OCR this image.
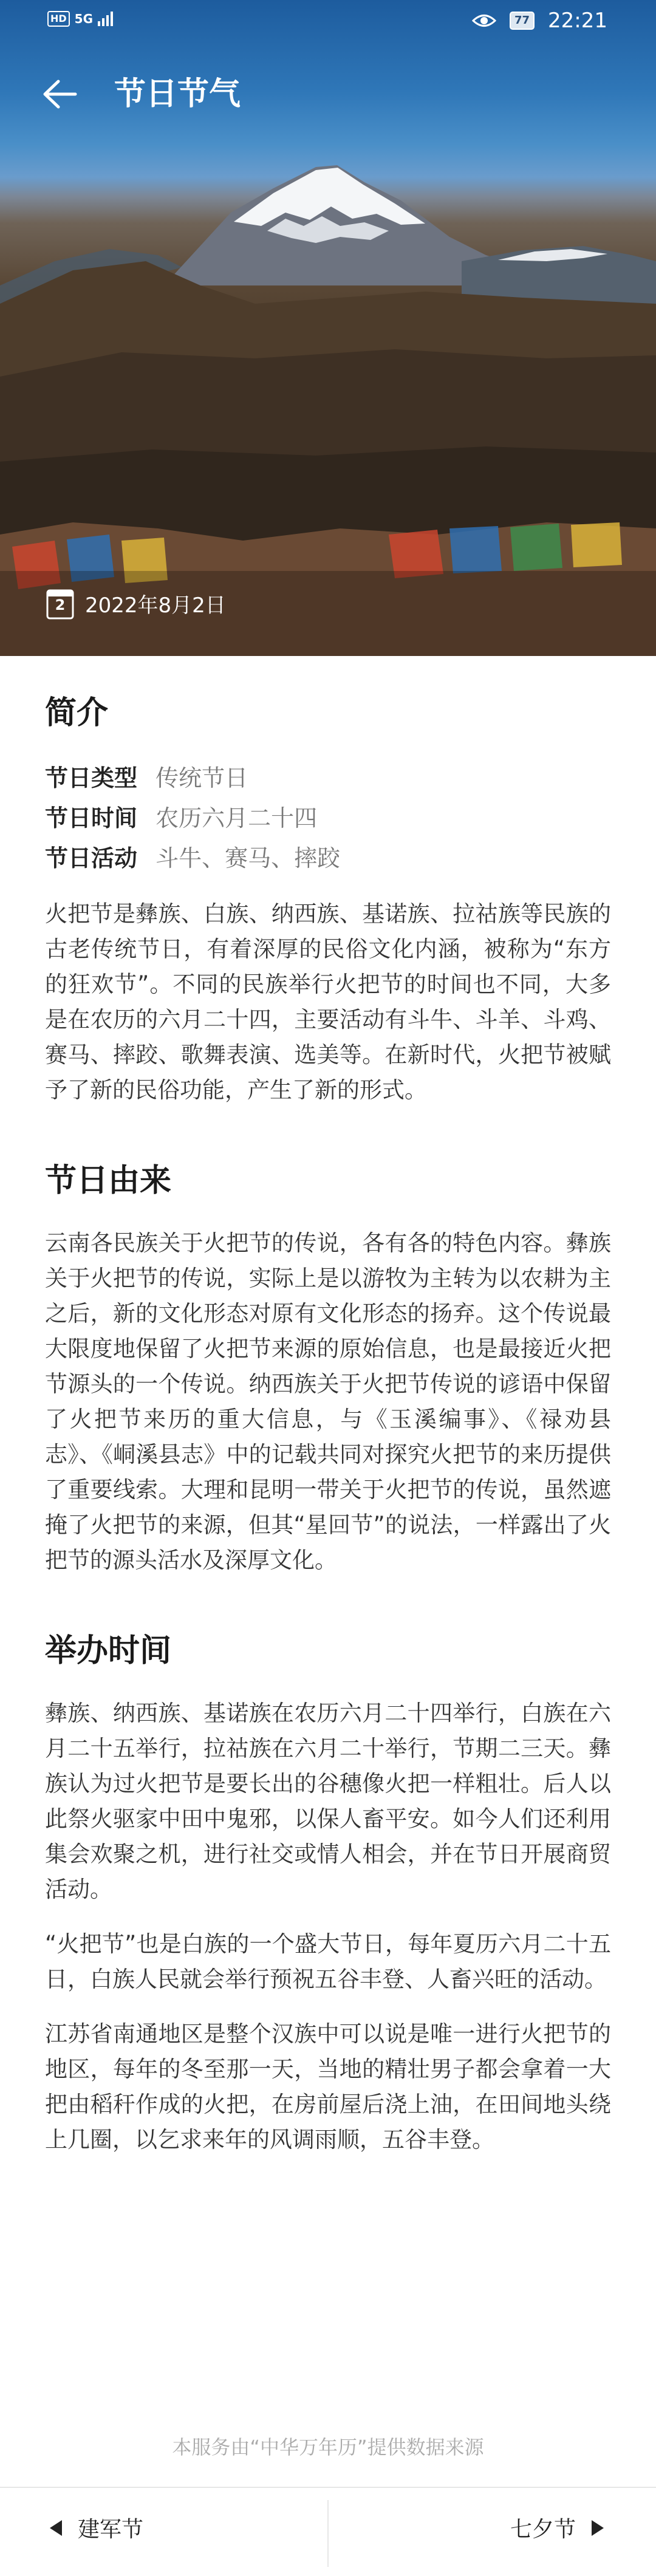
HD 5G	77 22:21
节日节气
2 2022年8月2日
简介
节日类型 传统节日
节日时间 农历六月二十四
节日活动 斗牛、赛马、摔跤

火把节是彝族、白族、纳西族、基诺族、拉祜族等民族的古老传统节日，有着深厚的民俗文化内涵，被称为“东方的狂欢节”。不同的民族举行火把节的时间也不同，大多是在农历的六月二十四，主要活动有斗牛、斗羊、斗鸡、赛马、摔跤、歌舞表演、选美等。在新时代，火把节被赋予了新的民俗功能，产生了新的形式。

节日由来

云南各民族关于火把节的传说，各有各的特色内容。彝族关于火把节的传说，实际上是以游牧为主转为以农耕为主之后，新的文化形态对原有文化形态的扬弃。这个传说最大限度地保留了火把节来源的原始信息，也是最接近火把节源头的一个传说。纳西族关于火把节传说的谚语中保留了火把节来历的重大信息，与《玉溪编事》、《禄劝县志》、《峒溪县志》中的记载共同对探究火把节的来历提供了重要线索。大理和昆明一带关于火把节的传说，虽然遮掩了火把节的来源，但其“星回节”的说法，一样露出了火把节的源头活水及深厚文化。

举办时间

彝族、纳西族、基诺族在农历六月二十四举行，白族在六月二十五举行，拉祜族在六月二十举行，节期二三天。彝族认为过火把节是要长出的谷穗像火把一样粗壮。后人以此祭火驱家中田中鬼邪，以保人畜平安。如今人们还利用集会欢聚之机，进行社交或情人相会，并在节日开展商贸活动。

“火把节”也是白族的一个盛大节日，每年夏历六月二十五日，白族人民就会举行预祝五谷丰登、人畜兴旺的活动。

江苏省南通地区是整个汉族中可以说是唯一进行火把节的地区，每年的冬至那一天，当地的精壮男子都会拿着一大把由稻秆作成的火把，在房前屋后浇上油，在田间地头绕上几圈，以乞求来年的风调雨顺，五谷丰登。

本服务由“中华万年历”提供数据来源
建军节	七夕节
